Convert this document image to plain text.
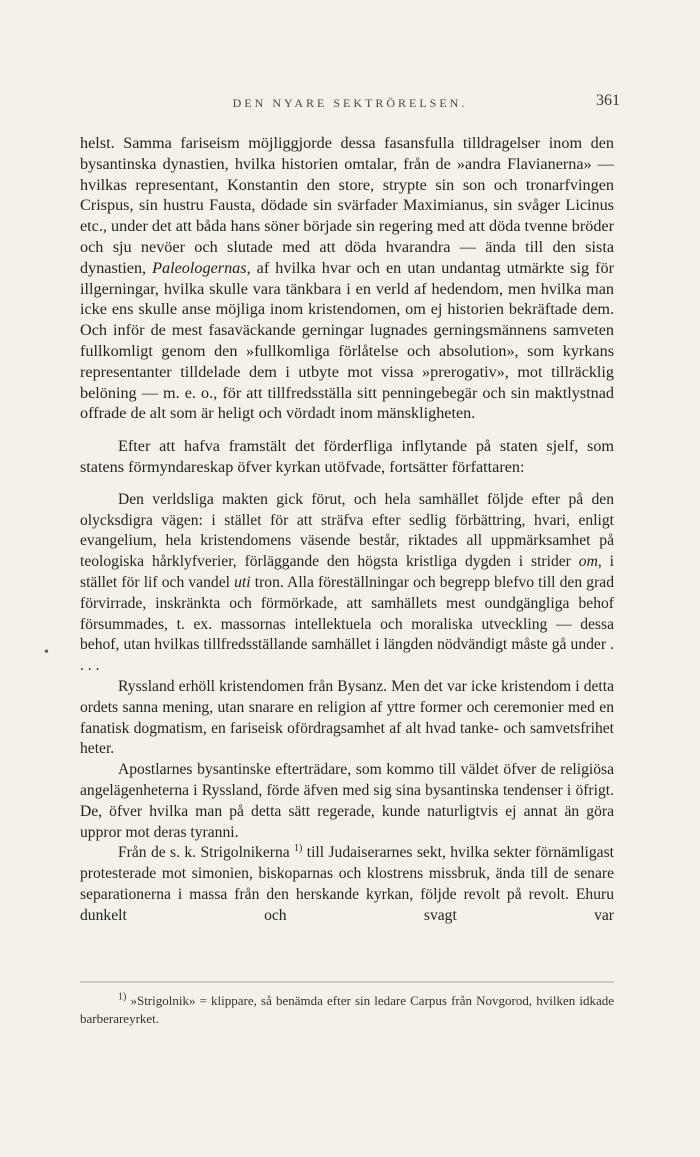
DEN NYARE SEKTRÖRELSEN.	361

helst. Samma fariseism möjliggjorde dessa fasansfulla tilldragelser inom den bysantinska dynastien, hvilka historien omtalar, från de »andra Flavianerna» — hvilkas representant, Konstantin den store, strypte sin son och tronarfvingen Crispus, sin hustru Fausta, dödade sin svärfader Maximianus, sin svåger Licinus etc., under det att båda hans söner började sin regering med att döda tvenne bröder och sju nevöer och slutade med att döda hvarandra — ända till den sista dynastien, Paleologernas, af hvilka hvar och en utan undantag utmärkte sig för illgerningar, hvilka skulle vara tänkbara i en verld af hedendom, men hvilka man icke ens skulle anse möjliga inom kristendomen, om ej historien bekräftade dem. Och inför de mest fasaväckande gerningar lugnades gerningsmännens samveten fullkomligt genom den »fullkomliga förlåtelse och absolution», som kyrkans representanter tilldelade dem i utbyte mot vissa »prerogativ», mot tillräcklig belöning — m. e. o., för att tillfredsställa sitt penningebegär och sin maktlystnad offrade de alt som är heligt och vördadt inom mänskligheten.

Efter att hafva framstält det förderfliga inflytande på staten sjelf, som statens förmyndareskap öfver kyrkan utöfvade, fortsätter författaren:

Den verldsliga makten gick förut, och hela samhället följde efter på den olycksdigra vägen: i stället för att sträfva efter sedlig förbättring, hvari, enligt evangelium, hela kristendomens väsende består, riktades all uppmärksamhet på teologiska hårklyfverier, förläggande den högsta kristliga dygden i strider om, i stället för lif och vandel uti tron. Alla föreställningar och begrepp blefvo till den grad förvirrade, inskränkta och förmörkade, att samhällets mest oundgängliga behof försummades, t. ex. massornas intellektuela och moraliska utveckling — dessa behof, utan hvilkas tillfredsställande samhället i längden nödvändigt måste gå under . . . .

Ryssland erhöll kristendomen från Bysanz. Men det var icke kristendom i detta ordets sanna mening, utan snarare en religion af yttre former och ceremonier med en fanatisk dogmatism, en fariseisk ofördragsamhet af alt hvad tanke- och samvetsfrihet heter.

Apostlarnes bysantinske efterträdare, som kommo till väldet öfver de religiösa angelägenheterna i Ryssland, förde äfven med sig sina bysantinska tendenser i öfrigt. De, öfver hvilka man på detta sätt regerade, kunde naturligtvis ej annat än göra uppror mot deras tyranni.

Från de s. k. Strigolnikerna $^{1)}$ till Judaiserarnes sekt, hvilka sekter förnämligast protesterade mot simonien, biskoparnas och klostrens missbruk, ända till de senare separationerna i massa från den herskande kyrkan, följde revolt på revolt. Ehuru dunkelt och svagt var

•

$^{1)}$ »Strigolnik» = klippare, så benämda efter sin ledare Carpus från Novgorod, hvilken idkade barberareyrket.
